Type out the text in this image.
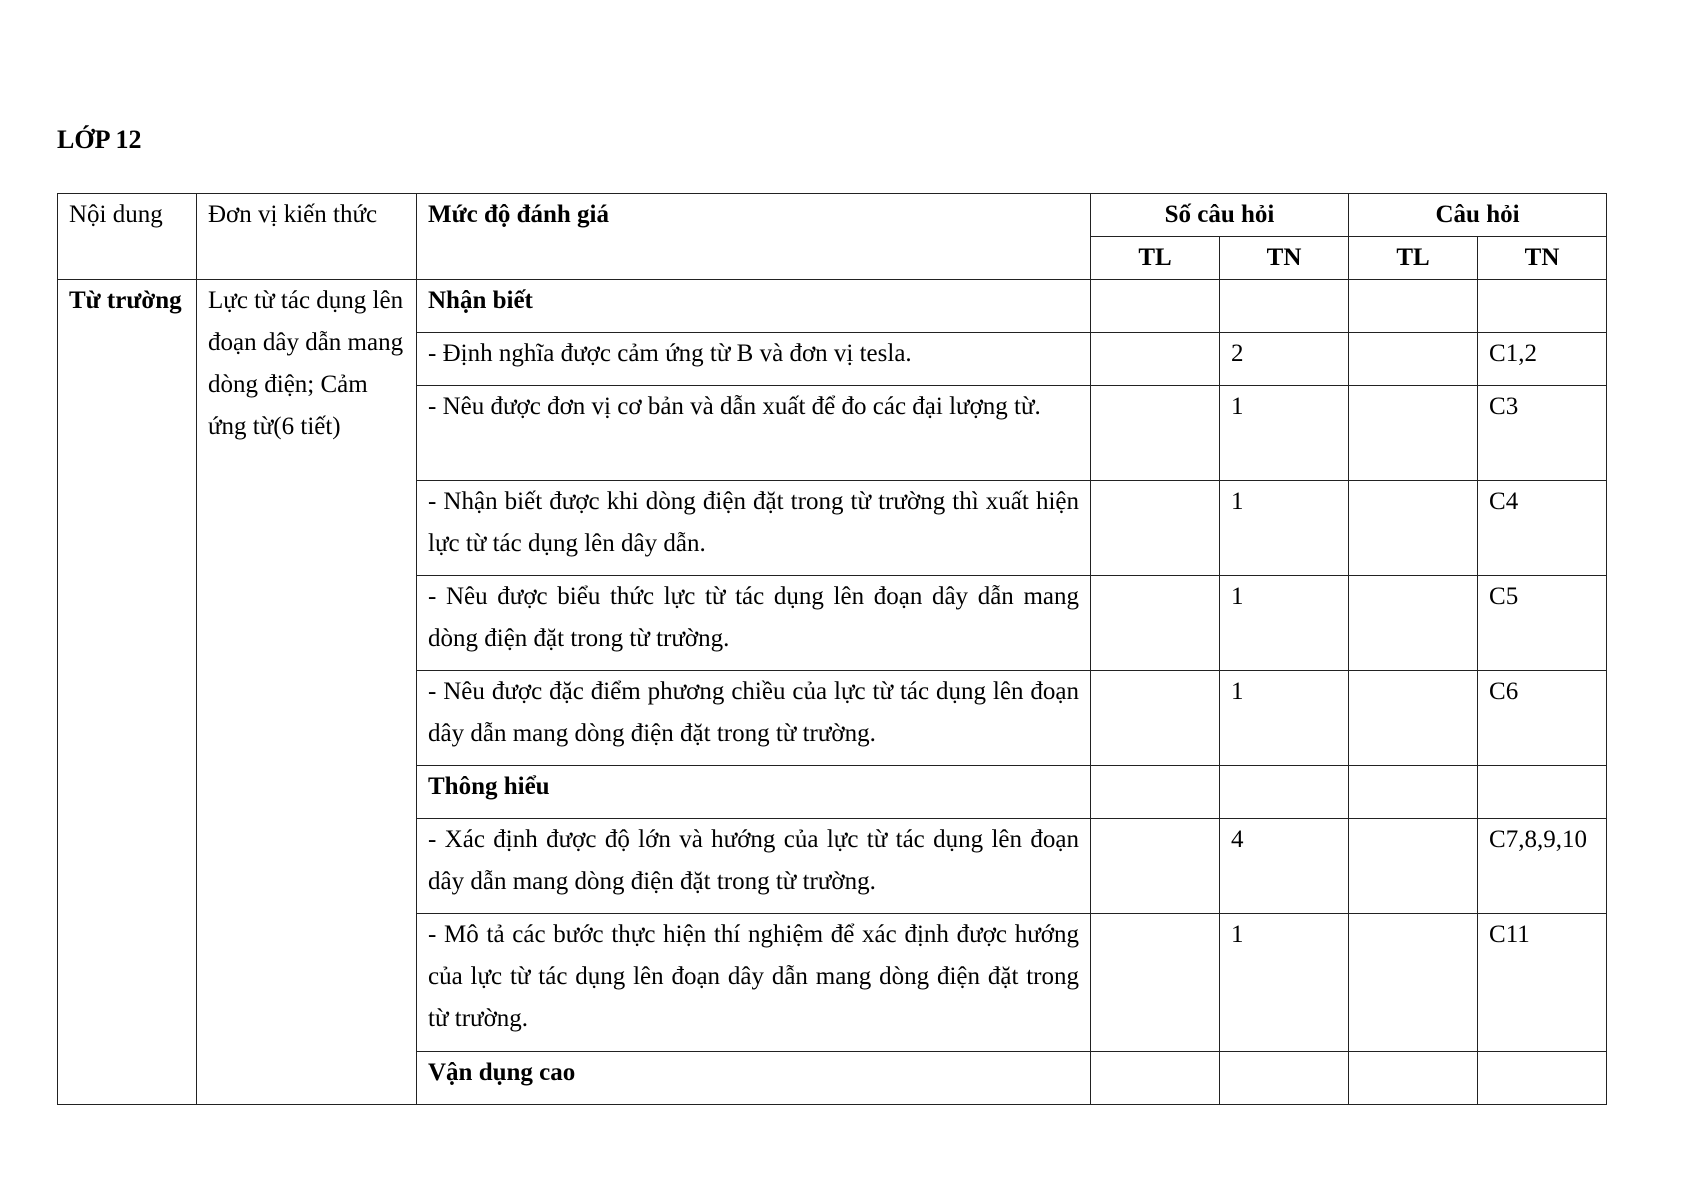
LỚP 12
Nội dung	Đơn vị kiến thức	Mức độ đánh giá	Số câu hỏi		Câu hỏi	
			TL	TN	TL	TN
Từ trường	Lực từ tác dụng lên đoạn dây dẫn mang dòng điện; Cảm ứng từ(6 tiết)	Nhận biết				
		- Định nghĩa được cảm ứng từ B và đơn vị tesla.		2		C1,2
		- Nêu được đơn vị cơ bản và dẫn xuất để đo các đại lượng từ.		1		C3
		- Nhận biết được khi dòng điện đặt trong từ trường thì xuất hiện lực từ tác dụng lên dây dẫn.		1		C4
		- Nêu được biểu thức lực từ tác dụng lên đoạn dây dẫn mang dòng điện đặt trong từ trường.		1		C5
		- Nêu được đặc điểm phương chiều của lực từ tác dụng lên đoạn dây dẫn mang dòng điện đặt trong từ trường.		1		C6
		Thông hiểu				
		- Xác định được độ lớn và hướng của lực từ tác dụng lên đoạn dây dẫn mang dòng điện đặt trong từ trường.		4		C7,8,9,10
		- Mô tả các bước thực hiện thí nghiệm để xác định được hướng của lực từ tác dụng lên đoạn dây dẫn mang dòng điện đặt trong từ trường.		1		C11
		Vận dụng cao				
